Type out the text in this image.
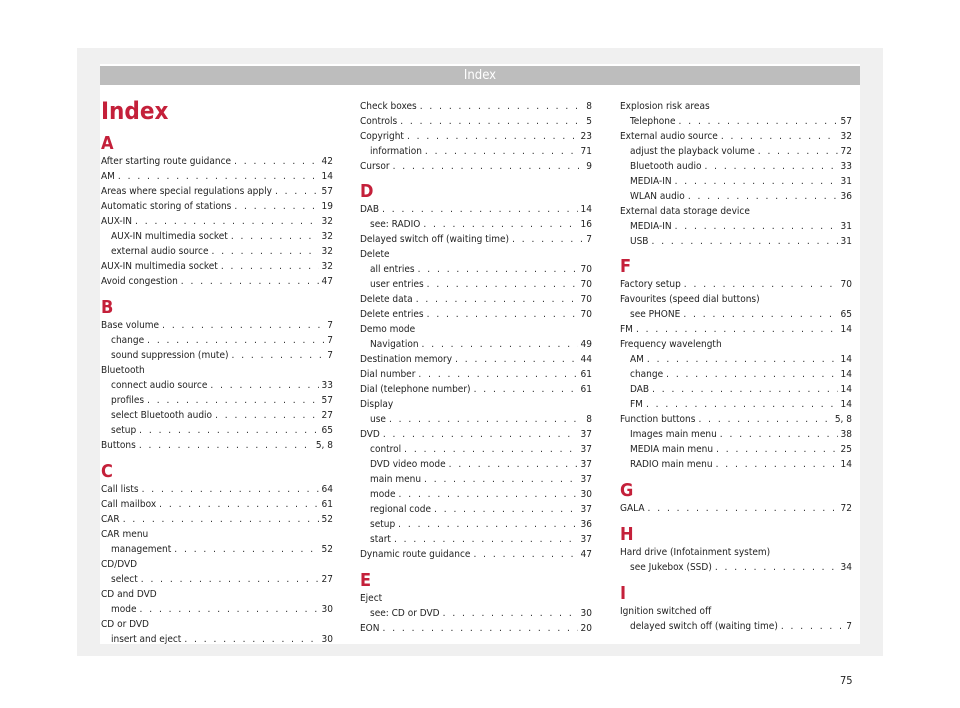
Index
Index
A
After starting route guidance . . .	42
AM . . .	14
Areas where special regulations apply . . .	57
Automatic storing of stations . . .	19
AUX-IN . . .	32
AUX-IN multimedia socket . . .	32
external audio source . . .	32
AUX-IN multimedia socket . . .	32
Avoid congestion . . .	47
B
Base volume . . .	7
change . . .	7
sound suppression (mute) . . .	7
Bluetooth
connect audio source . . .	33
profiles . . .	57
select Bluetooth audio . . .	27
setup . . .	65
Buttons . . .	5, 8
C
Call lists . . .	64
Call mailbox . . .	61
CAR . . .	52
CAR menu
management . . .	52
CD/DVD
select . . .	27
CD and DVD
mode . . .	30
CD or DVD
insert and eject . . .	30
Check boxes . . .	8
Controls . . .	5
Copyright . . .	23
information . . .	71
Cursor . . .	9
D
DAB . . .	14
see: RADIO . . .	16
Delayed switch off (waiting time) . . .	7
Delete
all entries . . .	70
user entries . . .	70
Delete data . . .	70
Delete entries . . .	70
Demo mode
Navigation . . .	49
Destination memory . . .	44
Dial number . . .	61
Dial (telephone number) . . .	61
Display
use . . .	8
DVD . . .	37
control . . .	37
DVD video mode . . .	37
main menu . . .	37
mode . . .	30
regional code . . .	37
setup . . .	36
start . . .	37
Dynamic route guidance . . .	47
E
Eject
see: CD or DVD . . .	30
EON . . .	20
Explosion risk areas
Telephone . . .	57
External audio source . . .	32
adjust the playback volume . . .	72
Bluetooth audio . . .	33
MEDIA-IN . . .	31
WLAN audio . . .	36
External data storage device
MEDIA-IN . . .	31
USB . . .	31
F
Factory setup . . .	70
Favourites (speed dial buttons)
see PHONE . . .	65
FM . . .	14
Frequency wavelength
AM . . .	14
change . . .	14
DAB . . .	14
FM . . .	14
Function buttons . . .	5, 8
Images main menu . . .	38
MEDIA main menu . . .	25
RADIO main menu . . .	14
G
GALA . . .	72
H
Hard drive (Infotainment system)
see Jukebox (SSD) . . .	34
I
Ignition switched off
delayed switch off (waiting time) . . .	7
75
